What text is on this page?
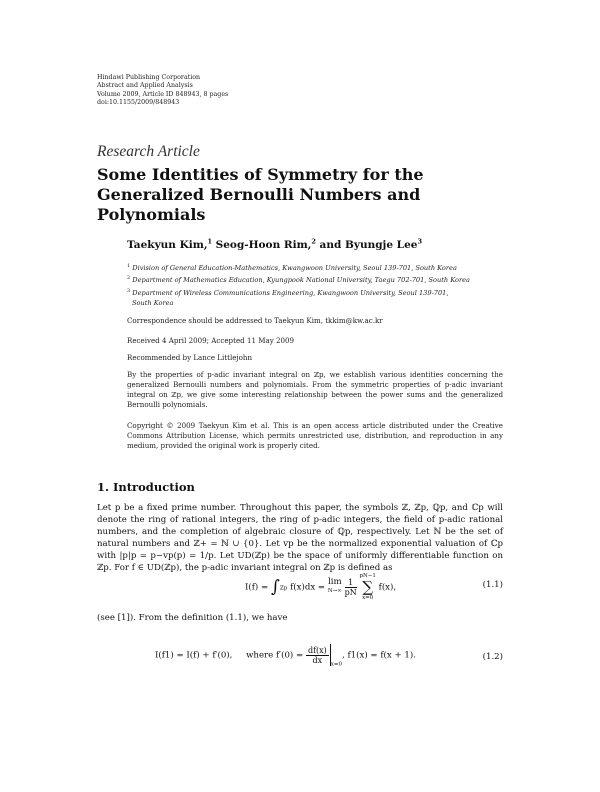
Hindawi Publishing Corporation
Abstract and Applied Analysis
Volume 2009, Article ID 848943, 8 pages
doi:10.1155/2009/848943
Research Article
Some Identities of Symmetry for the Generalized Bernoulli Numbers and Polynomials
Taekyun Kim,$^1$ Seog-Hoon Rim,$^2$ and Byungje Lee$^3$
$^1$ Division of General Education-Mathematics, Kwangwoon University, Seoul 139-701, South Korea
$^2$ Department of Mathematics Education, Kyungpook National University, Taegu 702-701, South Korea
$^3$ Department of Wireless Communications Engineering, Kwangwoon University, Seoul 139-701,
South Korea
Correspondence should be addressed to Taekyun Kim, tkkim@kw.ac.kr
Received 4 April 2009; Accepted 11 May 2009
Recommended by Lance Littlejohn
By the properties of p-adic invariant integral on ℤp, we establish various identities concerning the generalized Bernoulli numbers and polynomials. From the symmetric properties of p-adic invariant integral on ℤp, we give some interesting relationship between the power sums and the generalized Bernoulli polynomials.
Copyright © 2009 Taekyun Kim et al. This is an open access article distributed under the Creative Commons Attribution License, which permits unrestricted use, distribution, and reproduction in any medium, provided the original work is properly cited.
1. Introduction
Let p be a fixed prime number. Throughout this paper, the symbols ℤ, ℤp, ℚp, and ℂp will denote the ring of rational integers, the ring of p-adic integers, the field of p-adic rational numbers, and the completion of algebraic closure of ℚp, respectively. Let ℕ be the set of natural numbers and ℤ+ = ℕ ∪ {0}. Let vp be the normalized exponential valuation of ℂp with |p|p = p−vp(p) = 1/p. Let UD(ℤp) be the space of uniformly differentiable function on ℤp. For f ∈ UD(ℤp), the p-adic invariant integral on ℤp is defined as
I(f) = ∫ℤp f(x)dx =
lim
N→∞
$\frac{1}{pN}$

pN−1
∑
x=0
f(x),	(1.1)
(see [1]). From the definition (1.1), we have
I(f1) = I(f) + f′(0), where $f'(0) = \frac{df(x)}{dx} _{x=0}$, f1(x) = f(x + 1).	(1.2)
